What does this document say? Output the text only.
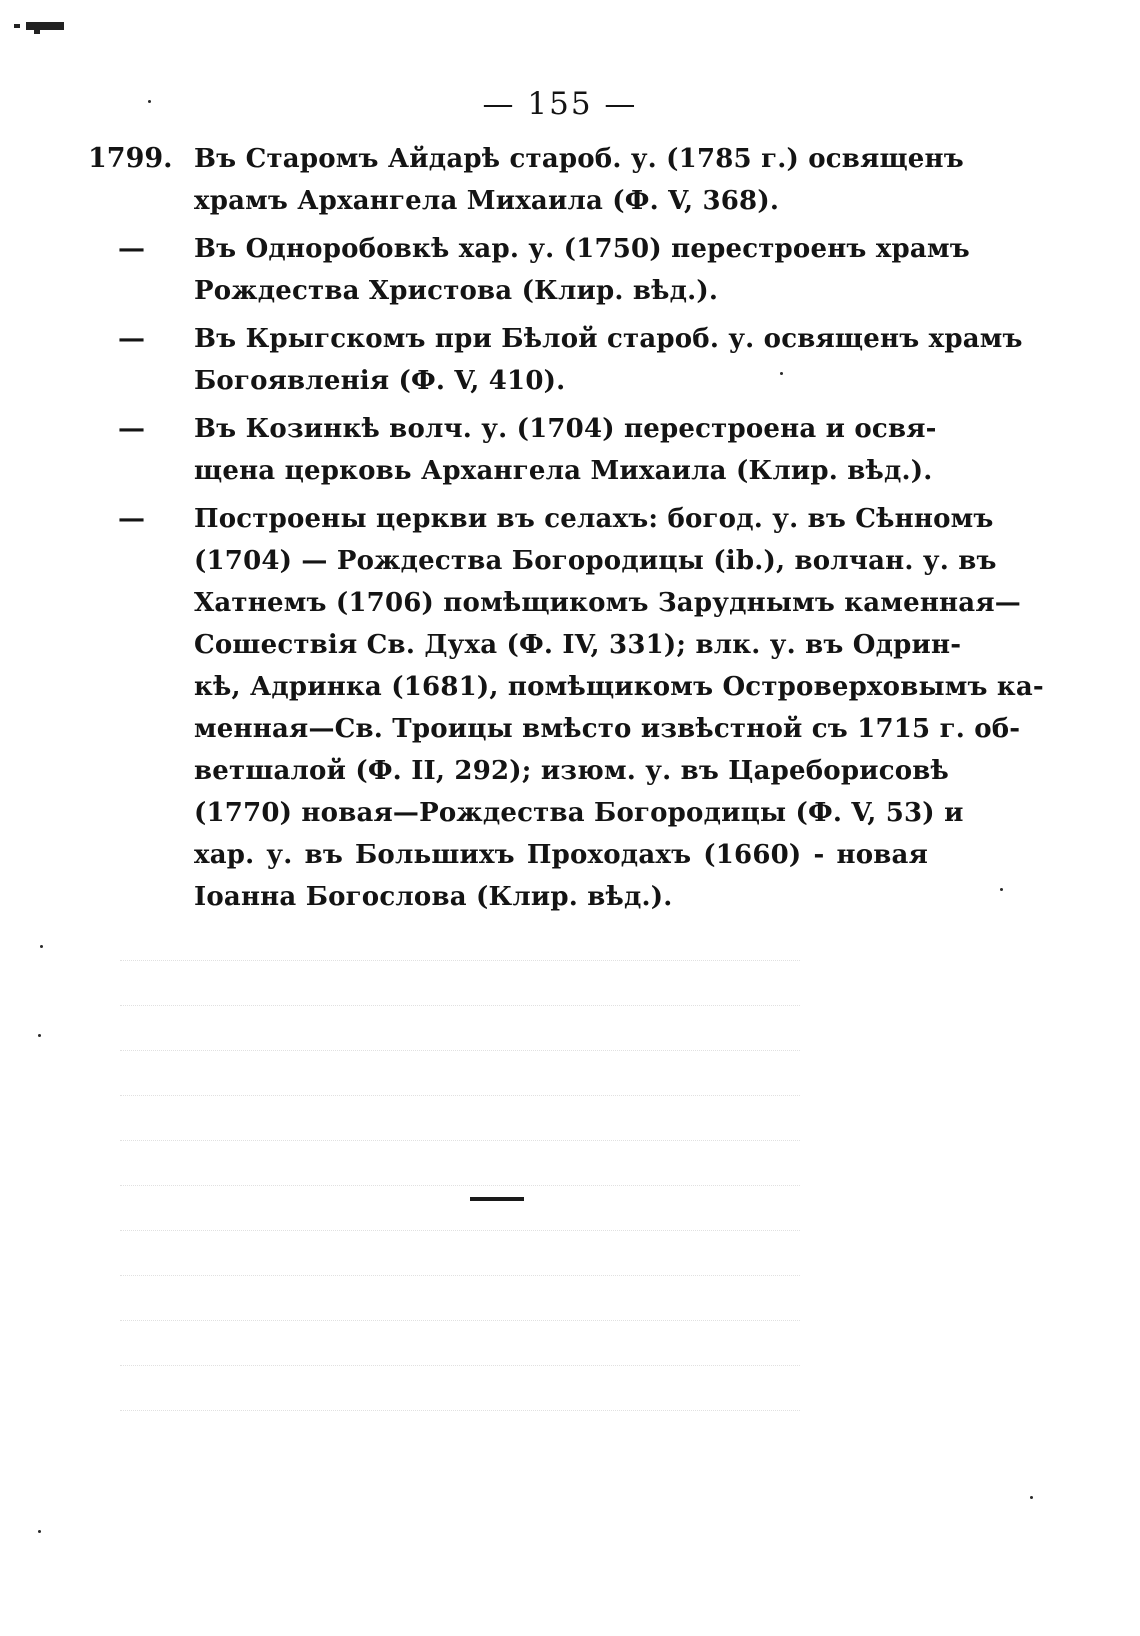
— 155 —
1799. Въ Старомъ Айдарѣ староб. у. (1785 г.) освященъ
храмъ Архангела Михаила (Ф. V, 368).
—	Въ Одноробовкѣ хар. у. (1750) перестроенъ храмъ
Рождества Христова (Клир. вѣд.).
—	Въ Крыгскомъ при Бѣлой староб. у. освященъ храмъ
Богоявленія (Ф. V, 410).
—	Въ Козинкѣ волч. у. (1704) перестроена и освя-
щена церковь Архангела Михаила (Клир. вѣд.).
—	Построены церкви въ селахъ: богод. у. въ Сѣнномъ
(1704) — Рождества Богородицы (ib.), волчан. у. въ
Хатнемъ (1706) помѣщикомъ Заруднымъ каменная—
Сошествія Св. Духа (Ф. IV, 331); влк. у. въ Одрин-
кѣ, Адринка (1681), помѣщикомъ Островерховымъ ка-
менная—Св. Троицы вмѣсто извѣстной съ 1715 г. об-
ветшалой (Ф. II, 292); изюм. у. въ Цареборисовѣ
(1770) новая—Рождества Богородицы (Ф. V, 53) и
хар. у. въ Большихъ Проходахъ (1660) - новая
Іоанна Богослова (Клир. вѣд.).
